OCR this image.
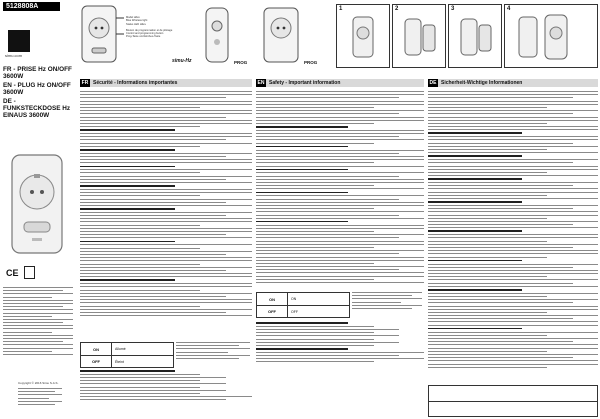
5128808A
simu.com
FR - PRISE Hz ON/OFF 3600W
EN - PLUG Hz ON/OFF 3600W
DE - FUNKSTECKDOSE Hz EINAUS 3600W
CE
Copyright © 2016 Simu S.A.S.
Model Hdev
Blue Wireless light
Status LED Hdev
Bouton de programmation et de pilotage
Control and programming button
Prog-Taste und Ein/Aus-Taste
simu-Hz	PROG	PROG
1	2	3	4
FR Sécurité - Informations importantes	EN Safety - Important information	DE Sicherheit-Wichtige Informationen
ON	ON
OFF	OFF
ON	Allumé
OFF	Éteint
